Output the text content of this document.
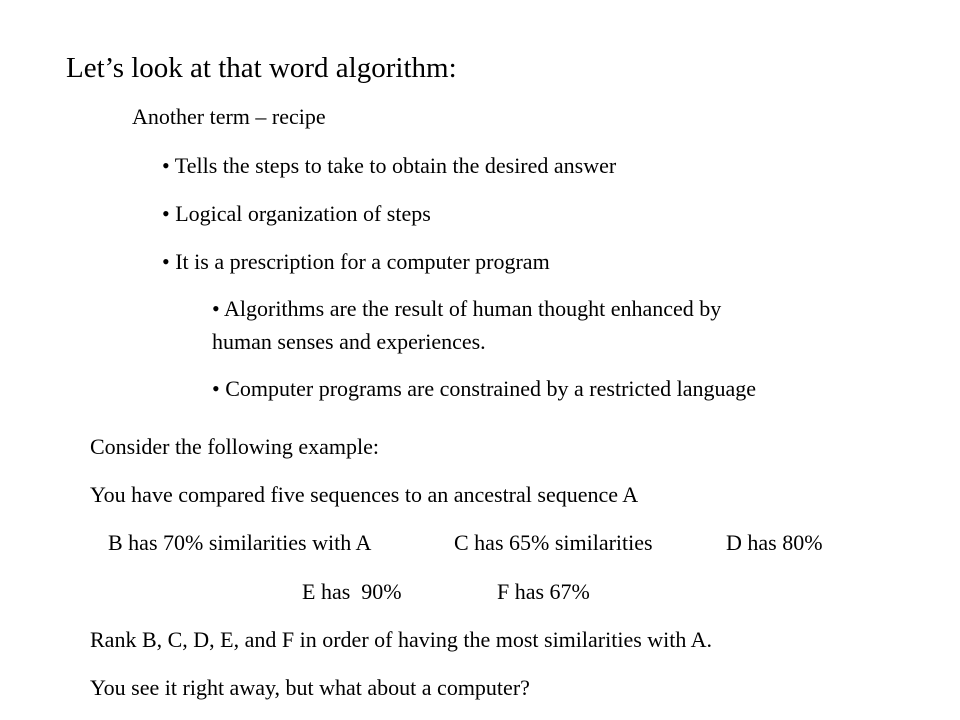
Let’s look at that word algorithm:
Another term – recipe
• Tells the steps to take to obtain the desired answer
• Logical organization of steps
• It is a prescription for a computer program
• Algorithms are the result of human thought enhanced by
human senses and experiences.
• Computer programs are constrained by a restricted language
Consider the following example:
You have compared five sequences to an ancestral sequence A
B has 70% similarities with A	C has 65% similarities	D has 80%
E has  90%	F has 67%
Rank B, C, D, E, and F in order of having the most similarities with A.
You see it right away, but what about a computer?
